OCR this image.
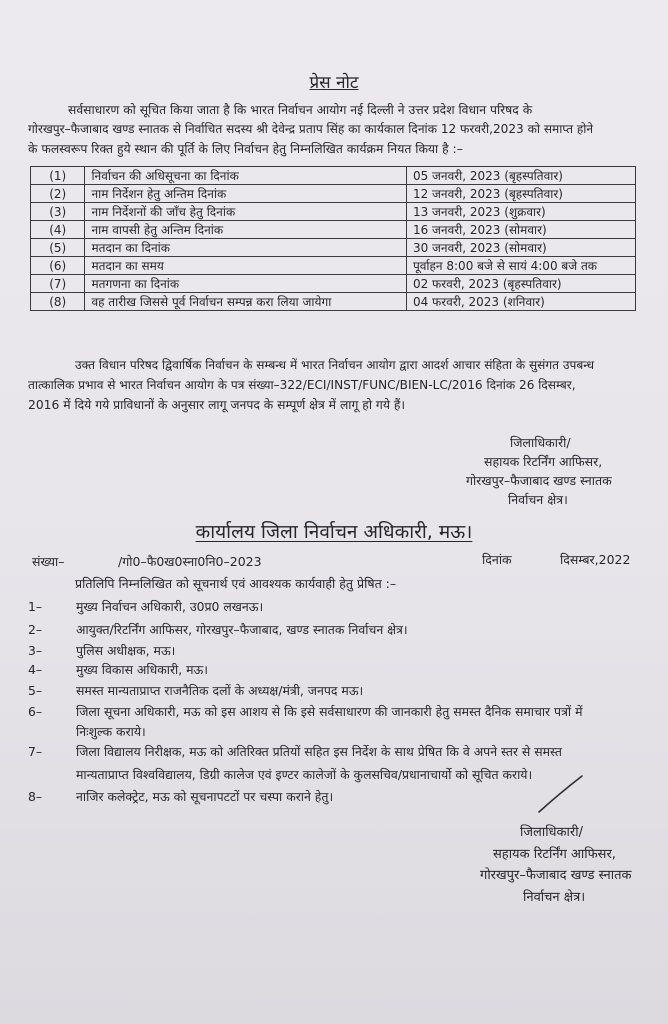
प्रेस नोट
सर्वसाधारण को सूचित किया जाता है कि भारत निर्वाचन आयोग नई दिल्ली ने उत्तर प्रदेश विधान परिषद के
गोरखपुर–फैजाबाद खण्ड स्नातक से निर्वाचित सदस्य श्री देवेन्द्र प्रताप सिंह का कार्यकाल दिनांक 12 फरवरी,2023 को समाप्त होने
के फलस्वरूप रिक्त हुये स्थान की पूर्ति के लिए निर्वाचन हेतु निम्नलिखित कार्यक्रम नियत किया है :–
(1)	निर्वाचन की अधिसूचना का दिनांक	05 जनवरी, 2023 (बृहस्पतिवार)
(2)	नाम निर्देशन हेतु अन्तिम दिनांक	12 जनवरी, 2023 (बृहस्पतिवार)
(3)	नाम निर्देशनों की जाँच हेतु दिनांक	13 जनवरी, 2023 (शुक्रवार)
(4)	नाम वापसी हेतु अन्तिम दिनांक	16 जनवरी, 2023 (सोमवार)
(5)	मतदान का दिनांक	30 जनवरी, 2023 (सोमवार)
(6)	मतदान का समय	पूर्वाहन 8:00 बजे से सायं 4:00 बजे तक
(7)	मतगणना का दिनांक	02 फरवरी, 2023 (बृहस्पतिवार)
(8)	वह तारीख जिससे पूर्व निर्वाचन सम्पन्न करा लिया जायेगा	04 फरवरी, 2023 (शनिवार)
उक्त विधान परिषद द्विवार्षिक निर्वाचन के सम्बन्ध में भारत निर्वाचन आयोग द्वारा आदर्श आचार संहिता के सुसंगत उपबन्ध
तात्कालिक प्रभाव से भारत निर्वाचन आयोग के पत्र संख्या–322/ECI/INST/FUNC/BIEN-LC/2016 दिनांक 26 दिसम्बर,
2016 में दिये गये प्राविधानों के अनुसार लागू जनपद के सम्पूर्ण क्षेत्र में लागू हो गये हैं।
जिलाधिकारी/
सहायक रिटर्निंग आफिसर,
गोरखपुर–फैजाबाद खण्ड स्नातक
निर्वाचन क्षेत्र।
कार्यालय जिला निर्वाचन अधिकारी, मऊ।
संख्या–	/गो0–फै0ख0स्ना0नि0–2023	दिनांक	दिसम्बर,2022
प्रतिलिपि निम्नलिखित को सूचनार्थ एवं आवश्यक कार्यवाही हेतु प्रेषित :–
1–	मुख्य निर्वाचन अधिकारी, उ0प्र0 लखनऊ।
2–	आयुक्त/रिटर्निंग आफिसर, गोरखपुर–फैजाबाद, खण्ड स्नातक निर्वाचन क्षेत्र।
3–	पुलिस अधीक्षक, मऊ।
4–	मुख्य विकास अधिकारी, मऊ।
5–	समस्त मान्यताप्राप्त राजनैतिक दलों के अध्यक्ष/मंत्री, जनपद मऊ।
6–	जिला सूचना अधिकारी, मऊ को इस आशय से कि इसे सर्वसाधारण की जानकारी हेतु समस्त दैनिक समाचार पत्रों में
निःशुल्क कराये।
7–	जिला विद्यालय निरीक्षक, मऊ को अतिरिक्त प्रतियों सहित इस निर्देश के साथ प्रेषित कि वे अपने स्तर से समस्त
मान्यताप्राप्त विश्वविद्यालय, डिग्री कालेज एवं इण्टर कालेजों के कुलसचिव/प्रधानाचार्यो को सूचित कराये।
8–	नाजिर कलेक्ट्रेट, मऊ को सूचनापटटों पर चस्पा कराने हेतु।
जिलाधिकारी/
सहायक रिटर्निंग आफिसर,
गोरखपुर–फैजाबाद खण्ड स्नातक
निर्वाचन क्षेत्र।
